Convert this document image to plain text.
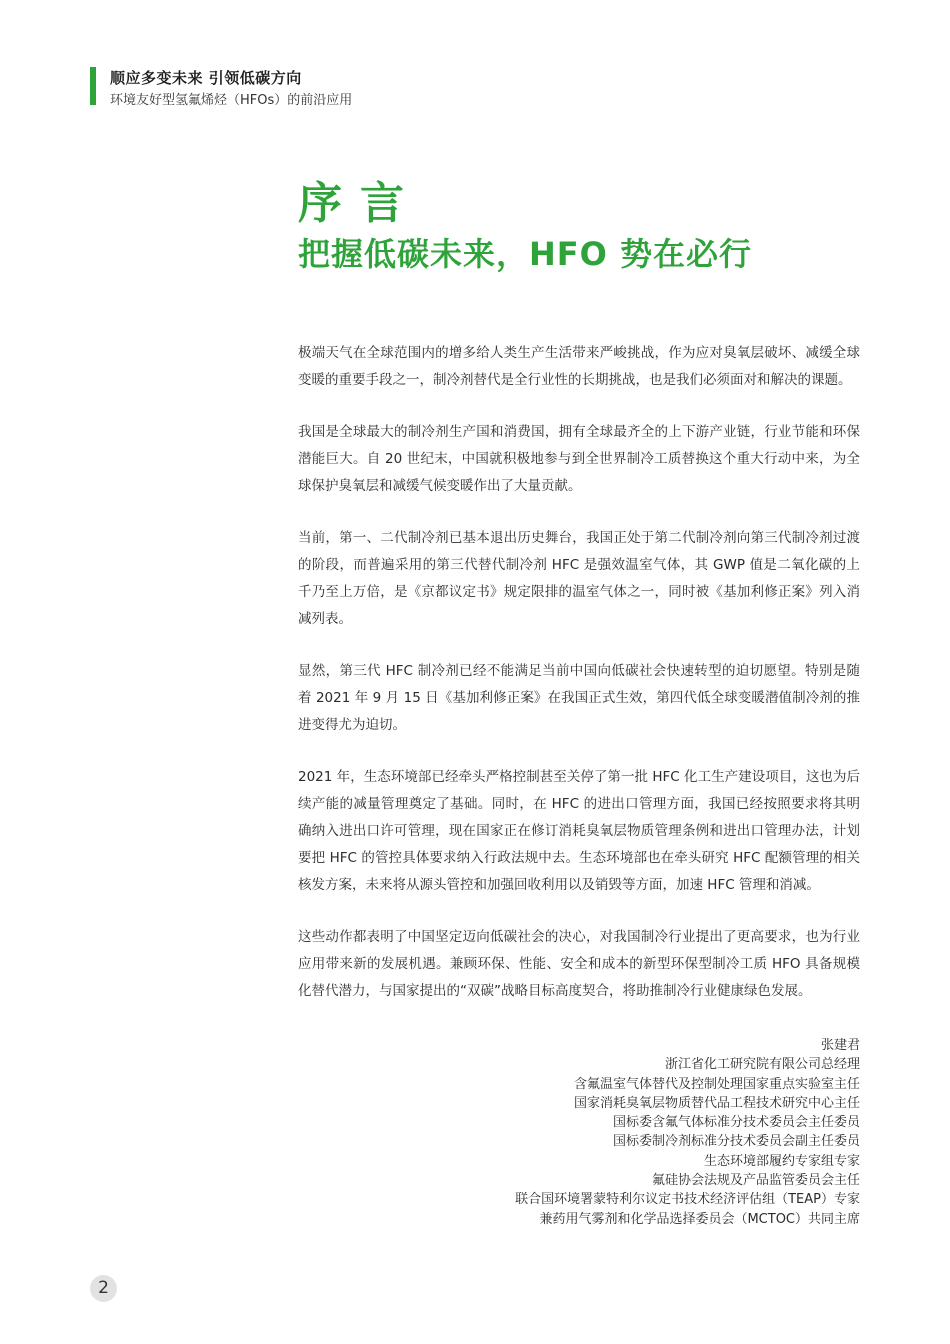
顺应多变未来 引领低碳方向
环境友好型氢氟烯烃（HFOs）的前沿应用
序言
把握低碳未来，HFO 势在必行

极端天气在全球范围内的增多给人类生产生活带来严峻挑战，作为应对臭氧层破坏、减缓全球变暖的重要手段之一，制冷剂替代是全行业性的长期挑战，也是我们必须面对和解决的课题。

我国是全球最大的制冷剂生产国和消费国，拥有全球最齐全的上下游产业链，行业节能和环保潜能巨大。自 20 世纪末，中国就积极地参与到全世界制冷工质替换这个重大行动中来，为全球保护臭氧层和减缓气候变暖作出了大量贡献。

当前，第一、二代制冷剂已基本退出历史舞台，我国正处于第二代制冷剂向第三代制冷剂过渡的阶段，而普遍采用的第三代替代制冷剂 HFC 是强效温室气体，其 GWP 值是二氧化碳的上千乃至上万倍，是《京都议定书》规定限排的温室气体之一，同时被《基加利修正案》列入消减列表。

显然，第三代 HFC 制冷剂已经不能满足当前中国向低碳社会快速转型的迫切愿望。特别是随着 2021 年 9 月 15 日《基加利修正案》在我国正式生效，第四代低全球变暖潜值制冷剂的推进变得尤为迫切。

2021 年，生态环境部已经牵头严格控制甚至关停了第一批 HFC 化工生产建设项目，这也为后续产能的减量管理奠定了基础。同时，在 HFC 的进出口管理方面，我国已经按照要求将其明确纳入进出口许可管理，现在国家正在修订消耗臭氧层物质管理条例和进出口管理办法，计划要把 HFC 的管控具体要求纳入行政法规中去。生态环境部也在牵头研究 HFC 配额管理的相关核发方案，未来将从源头管控和加强回收利用以及销毁等方面，加速 HFC 管理和消减。

这些动作都表明了中国坚定迈向低碳社会的决心，对我国制冷行业提出了更高要求，也为行业应用带来新的发展机遇。兼顾环保、性能、安全和成本的新型环保型制冷工质 HFO 具备规模化替代潜力，与国家提出的“双碳”战略目标高度契合，将助推制冷行业健康绿色发展。

张建君
浙江省化工研究院有限公司总经理
含氟温室气体替代及控制处理国家重点实验室主任
国家消耗臭氧层物质替代品工程技术研究中心主任
国标委含氟气体标准分技术委员会主任委员
国标委制冷剂标准分技术委员会副主任委员
生态环境部履约专家组专家
氟硅协会法规及产品监管委员会主任
联合国环境署蒙特利尔议定书技术经济评估组（TEAP）专家
兼药用气雾剂和化学品选择委员会（MCTOC）共同主席
2
